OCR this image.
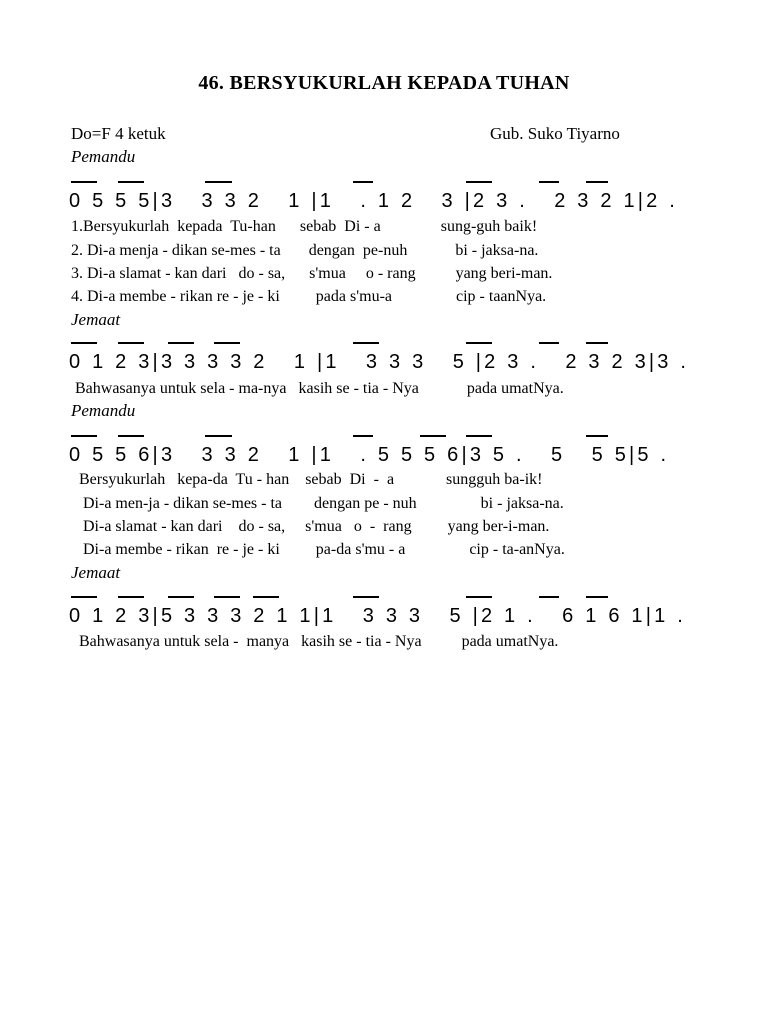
46. BERSYUKURLAH KEPADA TUHAN
Do=F 4 ketuk	Gub. Suko Tiyarno
Pemandu
0 5 5 5|3   3 3 2   1 |1   . 1 2   3 |2 3 .   2 3 2 1|2 .
1.Bersyukurlah  kepada  Tu-han      sebab  Di - a               sung-guh baik!
2. Di-a menja - dikan se-mes - ta       dengan  pe-nuh            bi - jaksa-na.
3. Di-a slamat - kan dari   do - sa,      s'mua     o - rang          yang beri-man.
4. Di-a membe - rikan re - je - ki         pada s'mu-a                cip - taanNya.
Jemaat
0 1 2 3|3 3 3 3 2   1 |1   3 3 3   5 |2 3 .   2 3 2 3|3 .
Bahwasanya untuk sela - ma-nya   kasih se - tia - Nya            pada umatNya.
Pemandu
0 5 5 6|3   3 3 2   1 |1   . 5 5 5 6|3 5 .   5   5 5|5 .
Bersyukurlah   kepa-da  Tu - han    sebab  Di  -  a             sungguh ba-ik!
Di-a men-ja - dikan se-mes - ta        dengan pe - nuh                bi - jaksa-na.
Di-a slamat - kan dari    do - sa,     s'mua   o  -  rang         yang ber-i-man.
Di-a membe - rikan  re - je - ki         pa-da s'mu - a                cip - ta-anNya.
Jemaat
0 1 2 3|5 3 3 3 2 1 1|1   3 3 3   5 |2 1 .   6 1 6 1|1 .
Bahwasanya untuk sela -  manya   kasih se - tia - Nya          pada umatNya.
